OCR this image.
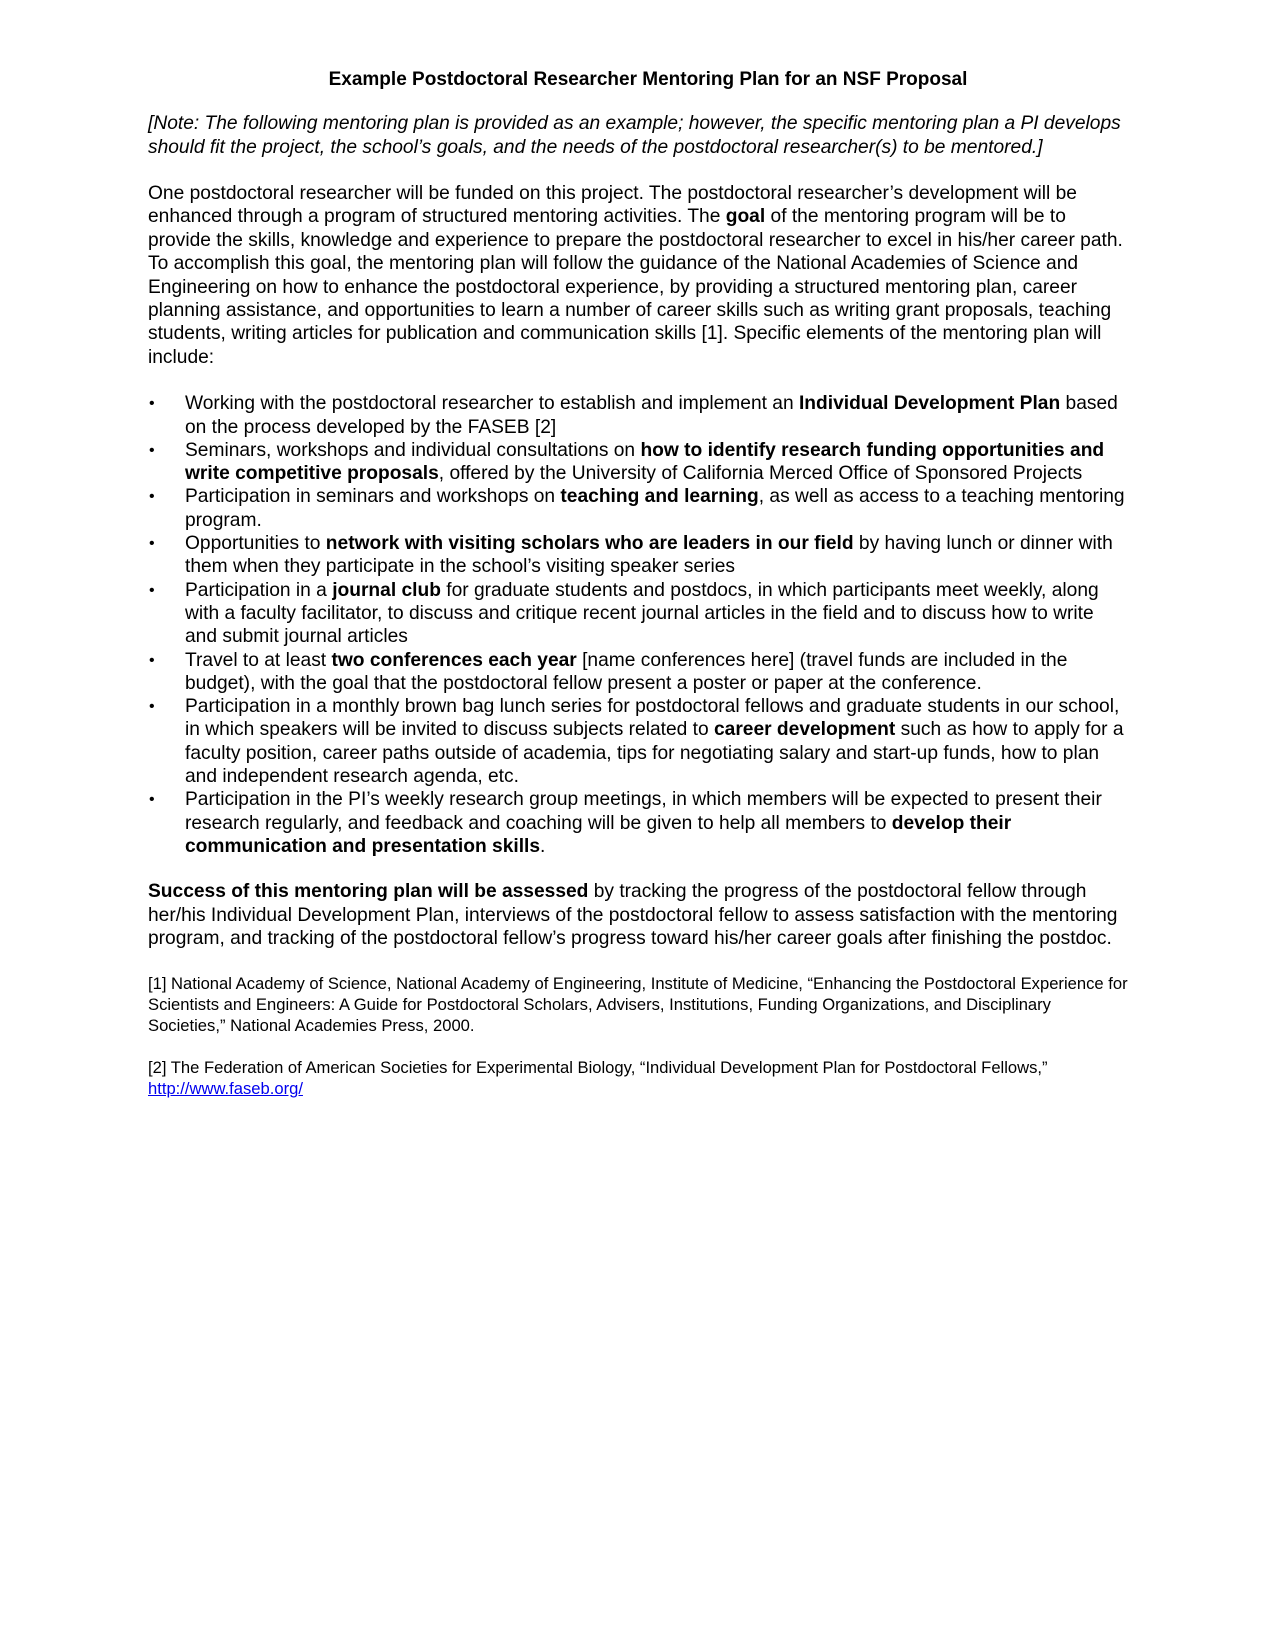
Example Postdoctoral Researcher Mentoring Plan for an NSF Proposal

[Note: The following mentoring plan is provided as an example; however, the specific mentoring plan a PI develops should fit the project, the school’s goals, and the needs of the postdoctoral researcher(s) to be mentored.]

One postdoctoral researcher will be funded on this project. The postdoctoral researcher’s development will be enhanced through a program of structured mentoring activities. The goal of the mentoring program will be to provide the skills, knowledge and experience to prepare the postdoctoral researcher to excel in his/her career path. To accomplish this goal, the mentoring plan will follow the guidance of the National Academies of Science and Engineering on how to enhance the postdoctoral experience, by providing a structured mentoring plan, career planning assistance, and opportunities to learn a number of career skills such as writing grant proposals, teaching students, writing articles for publication and communication skills [1]. Specific elements of the mentoring plan will include:

• Working with the postdoctoral researcher to establish and implement an Individual Development Plan based on the process developed by the FASEB [2]
• Seminars, workshops and individual consultations on how to identify research funding opportunities and write competitive proposals, offered by the University of California Merced Office of Sponsored Projects
• Participation in seminars and workshops on teaching and learning, as well as access to a teaching mentoring program.
• Opportunities to network with visiting scholars who are leaders in our field by having lunch or dinner with them when they participate in the school’s visiting speaker series
• Participation in a journal club for graduate students and postdocs, in which participants meet weekly, along with a faculty facilitator, to discuss and critique recent journal articles in the field and to discuss how to write and submit journal articles
• Travel to at least two conferences each year [name conferences here] (travel funds are included in the budget), with the goal that the postdoctoral fellow present a poster or paper at the conference.
• Participation in a monthly brown bag lunch series for postdoctoral fellows and graduate students in our school, in which speakers will be invited to discuss subjects related to career development such as how to apply for a faculty position, career paths outside of academia, tips for negotiating salary and start-up funds, how to plan and independent research agenda, etc.
• Participation in the PI’s weekly research group meetings, in which members will be expected to present their research regularly, and feedback and coaching will be given to help all members to develop their communication and presentation skills.

Success of this mentoring plan will be assessed by tracking the progress of the postdoctoral fellow through her/his Individual Development Plan, interviews of the postdoctoral fellow to assess satisfaction with the mentoring program, and tracking of the postdoctoral fellow’s progress toward his/her career goals after finishing the postdoc.

[1] National Academy of Science, National Academy of Engineering, Institute of Medicine, “Enhancing the Postdoctoral Experience for Scientists and Engineers: A Guide for Postdoctoral Scholars, Advisers, Institutions, Funding Organizations, and Disciplinary Societies,” National Academies Press, 2000.

[2] The Federation of American Societies for Experimental Biology, “Individual Development Plan for Postdoctoral Fellows,” http://www.faseb.org/
